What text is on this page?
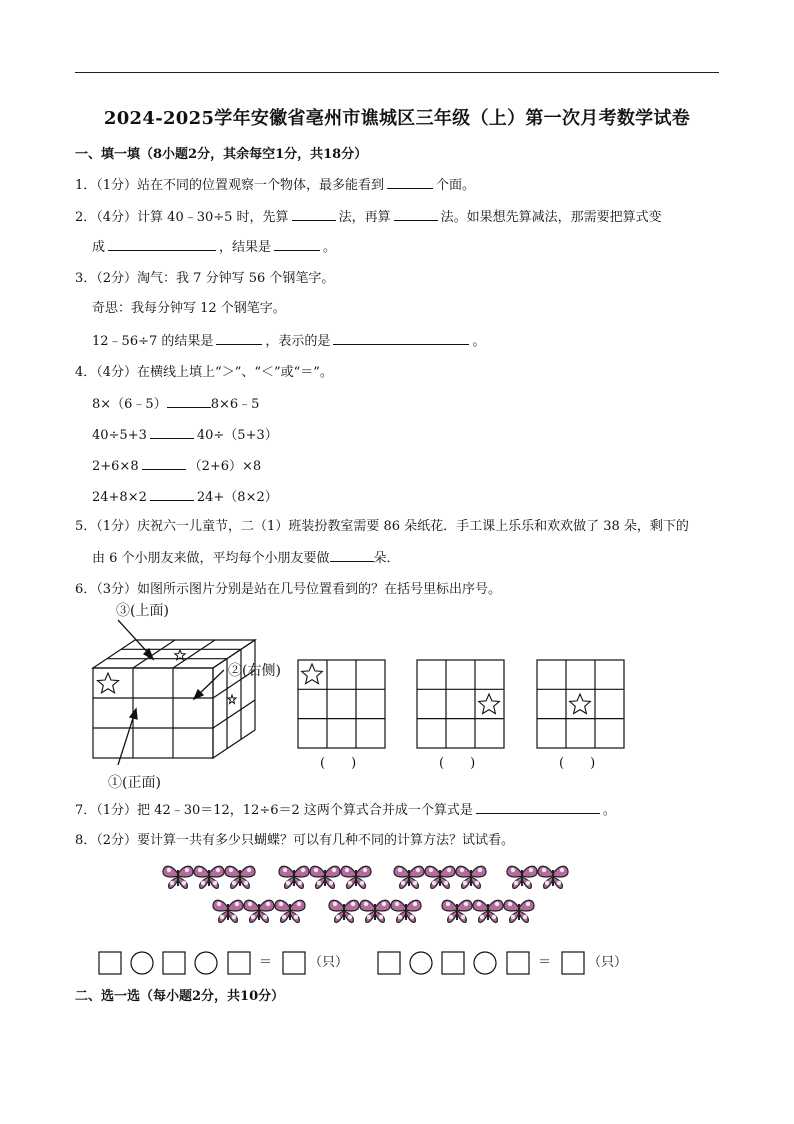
2024-2025学年安徽省亳州市谯城区三年级（上）第一次月考数学试卷
一、填一填（8小题2分，其余每空1分，共18分）
1．（1分）站在不同的位置观察一个物体，最多能看到	个面。
2．（4分）计算 40﹣30÷5 时，先算	法，再算	法。如果想先算减法，那需要把算式变
成	，结果是	。
3．（2分）淘气：我 7 分钟写 56 个钢笔字。
奇思：我每分钟写 12 个钢笔字。
12﹣56÷7 的结果是	，表示的是	。
4．（4分）在横线上填上“＞”、“＜”或“＝”。
8×（6﹣5）	8×6﹣5
40÷5+3	40÷（5+3）
2+6×8	（2+6）×8
24+8×2	24+（8×2）
5．（1分）庆祝六一儿童节，二（1）班装扮教室需要 86 朵纸花．手工课上乐乐和欢欢做了 38 朵，剩下的
由 6 个小朋友来做，平均每个小朋友要做	朵．
6．（3分）如图所示图片分别是站在几号位置看到的？在括号里标出序号。
③(上面)
②(右侧)
①(正面)
(　　)	(　　)	(　　)
7．（1分）把 42﹣30＝12，12÷6＝2 这两个算式合并成一个算式是	。
8．（2分）要计算一共有多少只蝴蝶？可以有几种不同的计算方法？试试看。
＝	（只）	＝	（只）
二、选一选（每小题2分，共10分）
